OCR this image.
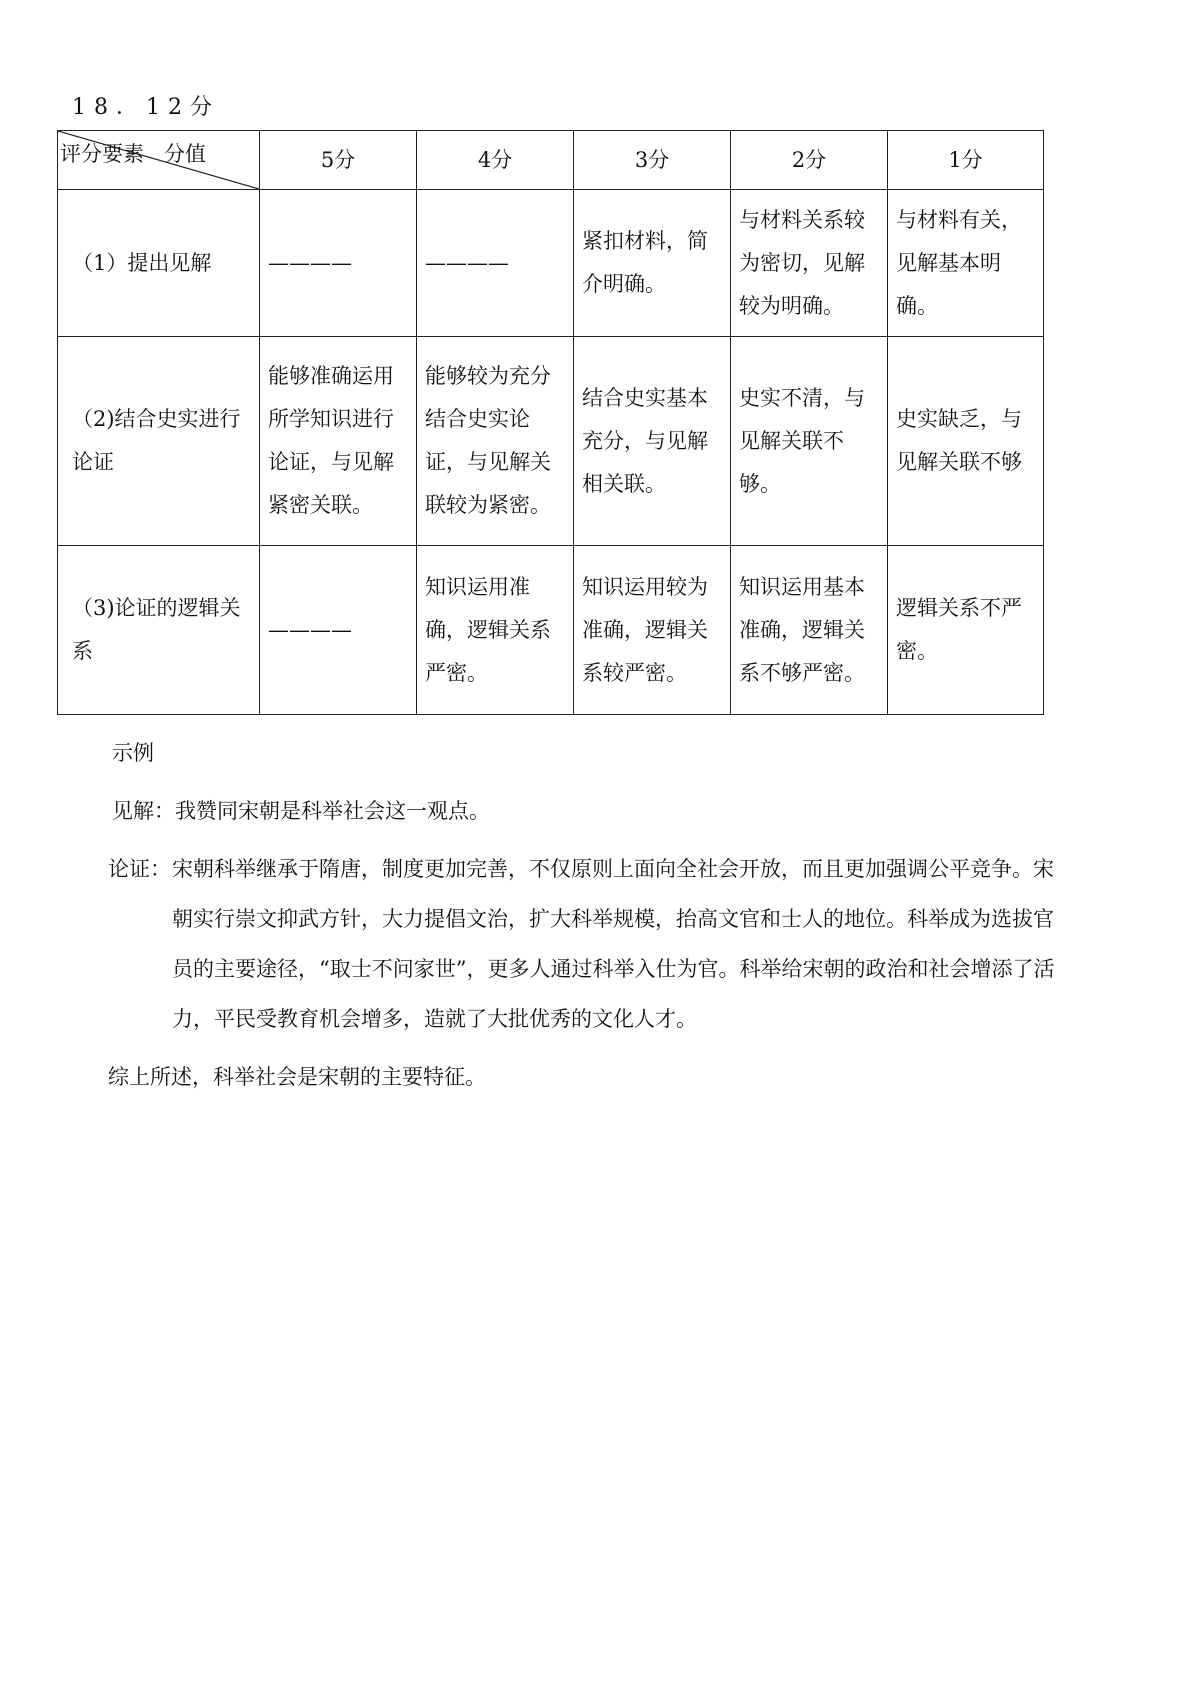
18．12分
评分要素 分值	5分	4分	3分	2分	1分
（1）提出见解	————	————	紧扣材料，简介明确。	与材料关系较为密切，见解较为明确。	与材料有关，见解基本明确。
（2)结合史实进行论证	能够准确运用所学知识进行论证，与见解紧密关联。	能够较为充分结合史实论证，与见解关联较为紧密。	结合史实基本充分，与见解相关联。	史实不清，与见解关联不够。	史实缺乏，与见解关联不够
（3)论证的逻辑关系	————	知识运用准确，逻辑关系严密。	知识运用较为准确，逻辑关系较严密。	知识运用基本准确，逻辑关系不够严密。	逻辑关系不严密。

示例

见解：我赞同宋朝是科举社会这一观点。

论证： 宋朝科举继承于隋唐，制度更加完善，不仅原则上面向全社会开放，而且更加强调公平竞争。宋朝实行崇文抑武方针，大力提倡文治，扩大科举规模，抬高文官和士人的地位。科举成为选拔官员的主要途径，“取士不问家世”，更多人通过科举入仕为官。科举给宋朝的政治和社会增添了活力，平民受教育机会增多，造就了大批优秀的文化人才。

综上所述，科举社会是宋朝的主要特征。
